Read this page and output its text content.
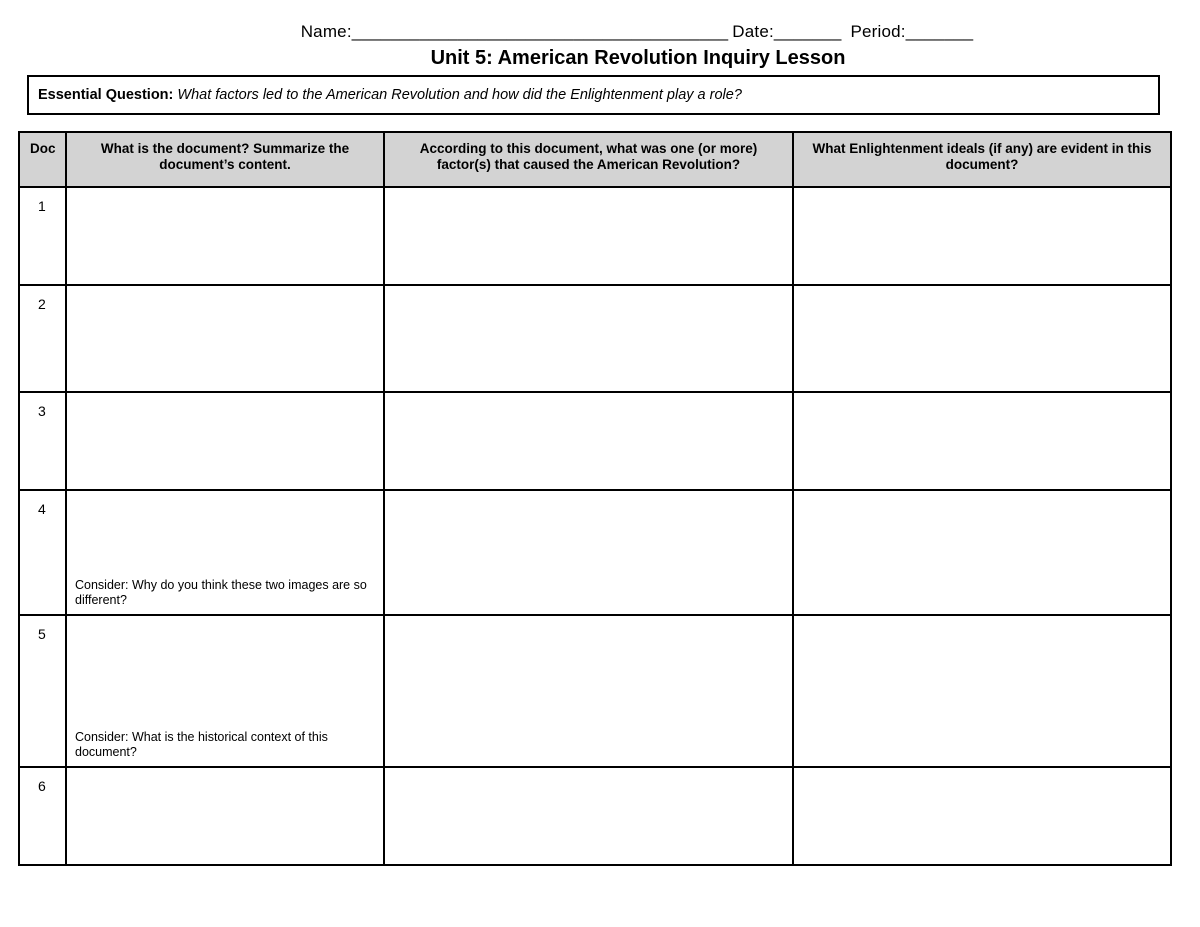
Name:_______________________________________ Date:_______ Period:_______
Unit 5: American Revolution Inquiry Lesson
Essential Question: What factors led to the American Revolution and how did the Enlightenment play a role?
Doc	What is the document? Summarize the document’s content.	According to this document, what was one (or more) factor(s) that caused the American Revolution?	What Enlightenment ideals (if any) are evident in this document?
1			
2			
3			
4	Consider: Why do you think these two images are so different?		

5	Consider: What is the historical context of this document?		

6			
